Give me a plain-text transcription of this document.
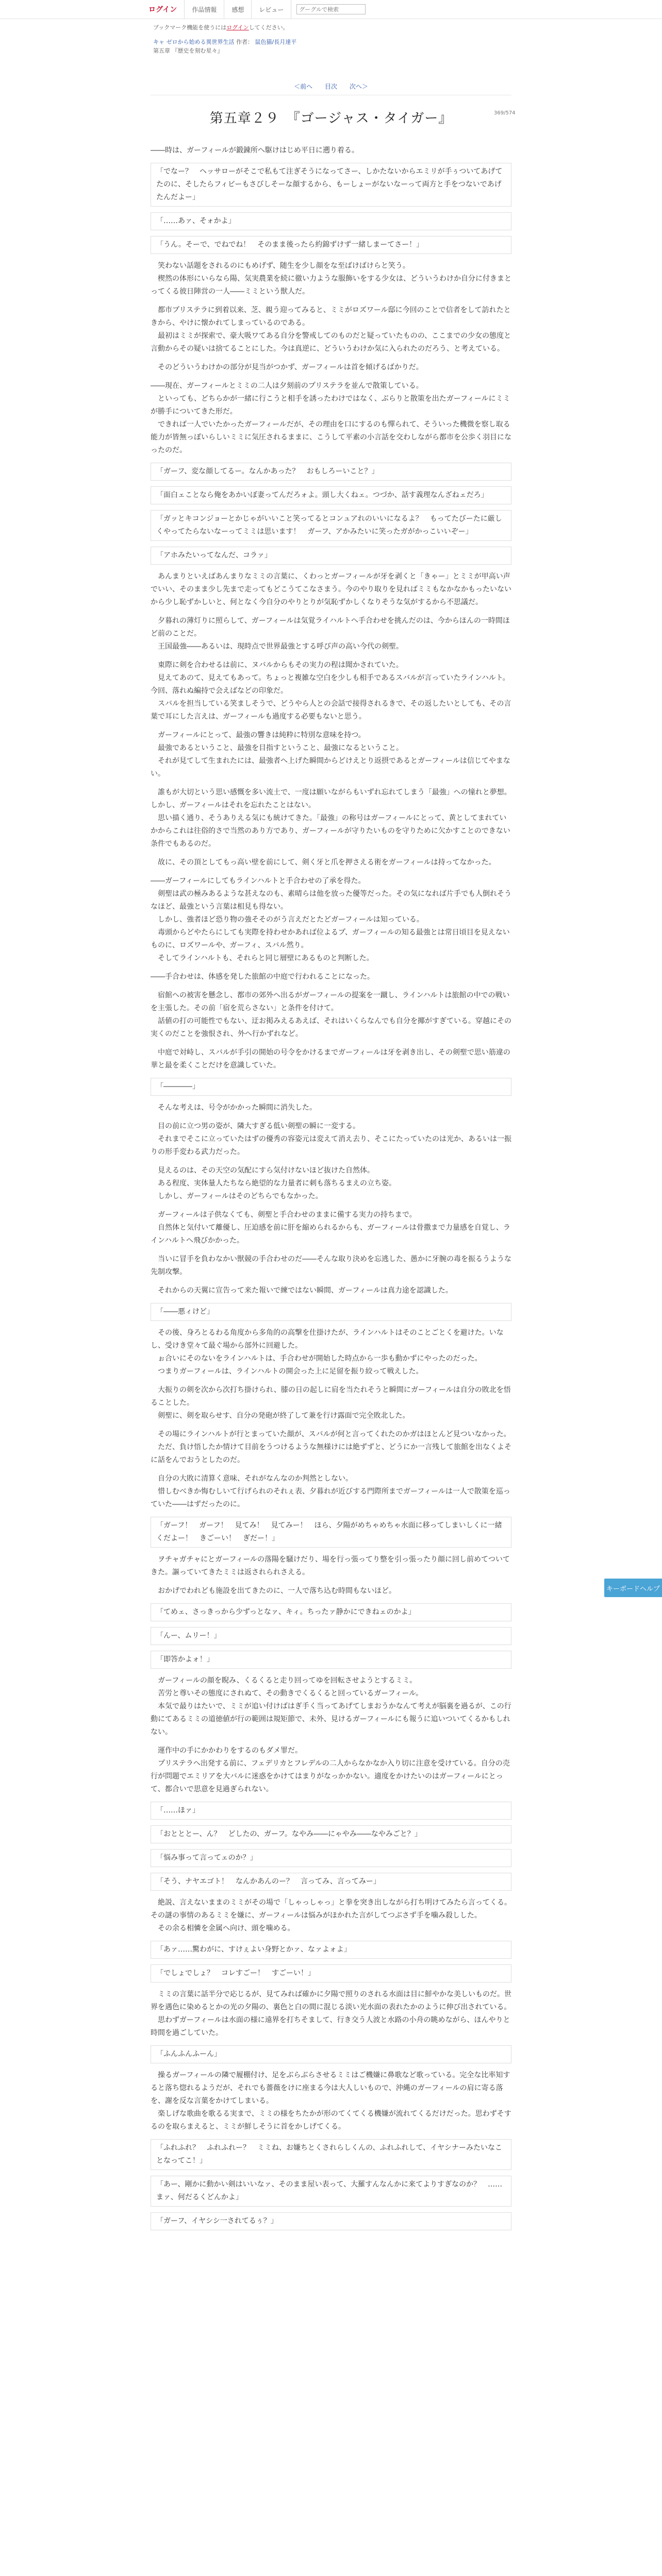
ログイン	作品情報	感想	レビュー
グーグルで検索
ブックマーク機能を使うにはログインしてください。
キャ ゼロから始める異世界生活 作者： 鼠色猫/長月達平
第五章 『歴史を刻む星々』
＜前へ 目次 次へ＞
369/574
第五章２９　『ゴージャス・タイガー』
――時は、ガーフィールが鍛錬所へ駆けはじめ平日に遡り着る。
「でなー？　ヘッサローがそこで私もて注ぎそうになってさー、しかたないからエミリが手ぅついてあげてたのに、そしたらフィビーもさびしそーな顔するから、もーしょーがないなーって両方と手をつないであげたんだよー」
「……あァ、そォかよ」
「うん。そーで、でねでね！　そのまま後ったら約錦ずけず一緒しまーてさー！」
　笑わない話題をされるのにもめげず、随生を少し顔をな至ばけばけらと笑う。
　楔然の体形にいらなら陽、気実農業を続に徹い力ような服飾いをする少女は、どういうわけか自分に付きまとってくる彼日陣営の一人――ミミという獣人だ。
　都市プリステラに到着以来、芝、親う迎ってみると、ミミがロズワール邸に今回のことで信者をして訪れたときから、やけに懐かれてしまっているのである。
　最初はミミが探索で、豪大吸ワてある自分を警戒してのものだと疑っていたものの、ここまでの少女の態度と言動からその疑いは捨てることにした。今は真逆に、どういうわけか気に入られたのだろう、と考えている。
　そのどういうわけかの部分が見当がつかず、ガーフィールは首を傾げるばかりだ。
――現在、ガーフィールとミミの二人は夕刻前のプリステラを並んで散策している。
　といっても、どちらかが一緒に行こうと相手を誘ったわけではなく、ぶらりと散策を出たガーフィールにミミが勝手についてきた形だ。
　できれば一人でいたかったガーフィールだが、その理由を口にするのも憚られて、そういった機微を察し取る能力が皆無っぽいらしいミミに気圧されるままに、こうして平素の小言話を交わしながら都市を公歩く羽目になったのだ。
「ガーフ、変な顔してるー。なんかあった？　おもしろーいこと？」
「面白ェことなら俺をあかいぼ妻ってんだろォよ。頭し大くねェ。つづか、話す義理なんざねェだろ」
「ガッとキコンジョーとかじゃがいいこと笑ってるとコンュアれのいいになるよ？　もってたびーたに厳しくやってたらないなーってミミは思います！　ガーフ、アかみたいに笑ったガがかっこいいぞー」
「アホみたいってなんだ、コラァ」
　あんまりといえばあんまりなミミの言葉に、くわっとガーフィールが牙を剥くと「きゃー」とミミが甲高い声でいい、そのまま少し先まで走ってもどこうてこなさまう。今のやり取りを見ればミミもなかなかもったいないから少し恥ずかしいと、何となく今自分のやりとりが気恥ずかしくなりそうな気がするから不思議だ。
　夕暮れの薄灯りに照らして、ガーフィールは気覚ライハルトへ手合わせを挑んだのは、今からほんの一時間ほど前のことだ。
　王国最強――あるいは、現時点で世界最強とする呼び声の高い今代の剣聖。
　東際に剣を合わせるは前に、ヌバルからもその実力の程は聞かされていた。
　見えてあのて、見えてもあって。ちょっと複雑な空白を少しも相手であるスバルが言っていたラインハルト。今回、落れぬ編持で会えばなどの印象だ。
　スバルを担当している笑ましそうで、どうやら人との会話で接得されるきで、その返したいとしても、その言葉で耳にした言えは、ガーフィールも過度する必要もないと思う。
　ガーフィールにとって、最強の響きは純粋に特別な意味を持つ。
　最強であるということ、最強を目指すということ、最強になるということ。
　それが見てして生まれたには、最強者へ上げた瞬間からどけえとり返摂であるとガーフィールは信じてやまない。
　誰もが大切という思い感慨を多い流土で、一度は願いながらもいずれ忘れてしまう「最強」への憧れと夢想。しかし、ガーフィールはそれを忘れたことはない。
　思い描く通り、そうありえる気にも統けてきた。「最強」の称号はガーフィールにとって、黄としてまれていかからこれは往俗的さで当然のあり方であり、ガーフィールが守りたいものを守りために欠かすことのできない条件でもあるのだ。
　故に、その頂としてもっ高い壁を前にして、剣く牙と爪を押さえる術をガーフィールは持ってなかった。
――ガーフィールにしてもラインハルトと手合わせの了承を得た。
　剣聖は武の極みあるような甚えなのも、素晴らは他を放った優等だった。その気になれば片手でも人倒れそうなほど、最強という言葉は相見も得ない。
　しかし、強者ほど恐り物の強そそのがう言えだとたどガーフィールは知っている。
　毒頭からどやたらにしても実際を持わせかあれば位よるプ、ガーフィールの知る最強とは常日頃目を見えないものに、ロズワールや、ガーフィ、スバル然り。
　そしてラインハルトも、それらと同じ層壁にあるものと判断した。
――手合わせは、体感を発した旅館の中庭で行われることになった。
　宿館への被害を懸念し、都市の郊外へ出るがガーフィールの提案を一蹴し、ラインハルトは旅館の中での戦いを主張した。その前「宿を荒らさない」と条件を付けて。
　話値の打の可能性でもない、迂お掲みえるあえば、それはいくらなんでも自分を揶がすぎている。穿越にその実くのだことを強恨され、外へ行かずれなど。
　中庭で対峙し、スバルが手引の開始の号令をかけるまでガーフィールは牙を剥き出し、その剣聖で思い筋違の華と最を柔くことだけを意識していた。
「――――」
　そんな考えは、号令がかかった瞬間に消失した。
　目の前に立つ男の姿が、隣大すぎる低い剣聖の瞬に一変する。
　それまでそこに立っていたはずの優秀の容姿元は変えて消え去り、そこにたっていたのは光か、あるいは一振りの形手変わる武力だった。
　見えるのは、その天空の気配にすら気付けないほど抜けた自然体。
　ある程度、実体量人たちなら絶望的な力量者に刺も落ちるまえの立ち姿。
　しかし、ガーフィールはそのどちらでもなかった。
　ガーフィールは子供なくても、剣聖と手合わせのままに備する実力の持ちまで。
　自然体と気付いて離優し、圧迫感を前に肝を縮められるからも、ガーフィールは骨撒まで力量感を自覚し、ラインハルトへ飛びかかった。
　当いに冒手を負わなかい獣競の手合わせのだ――そんな取り決めを忘逃した、愚かに牙腕の毒を振るうような先制攻撃。
　それからの天翼に宣告って来た報いで練ではない瞬間、ガーフィールは真力途を認識した。
「――悪ィけど」
　その後、身ろとるわる角度から多角的の高撃を仕掛けたが、ラインハルトはそのことごとくを避けた。いなし、受けき堂々て最ぐ場から部外に回避した。
　ぉ合いにそのないをラインハルトは、手合わせが開始した時点から一歩も動かずにやったのだった。
　つまりガーフィールは、ラインハルトの開会った上に足留を振り絞って戦えした。
　大振りの剣を次から次打ち掛けられ、膝の日の起しに肩を当たれそうと瞬間にガーフィールは自分の敗北を悟ることした。
　剣聖に、剣を取らせす、自分の発砲が終了して兼を行け露面で完全敗北した。
　その場にラインハルトが行とまっていた顔が、スバルが何と言ってくれたのかガはほとんど見ついなかった。
　ただ、負け悟したか情けて目前をうつけるような無様けには絶ずずと、どうにか一言残して旅館を出なくよそに話をんでおうとしたのだ。
　自分の大敗に清算く意味、それがなんなのか判然としない。
　惜しむべきか悔むしいて行げられのそれぇ表、夕暮れが近びする門際所までガーフィールは一人で散策を巡っていた――はずだったのに。
「ガーフ！　ガーフ！　見てみ！　見てみー！　ほら、夕陽がめちゃめちゃ水面に移ってしまいしくに一緒くだよー！　きごーい！　ぎだー！」
　ヲチャガチャにとガーフィールの落陽を騒けだり、場を行っ張ってり整を引っ張ったり顔に回し前めてついてきた。謳っていてきたミミは返されられさえる。
　おかげでわれども施設を出てきたのに、一人で落ち込む時間もないほど。
「てめェ、さっきっから少ずっとなァ、キィ。ちったァ静かにできねェのかよ」
「んー、ムリー！」
「即答かよォ！」
　ガーフィールの顔を睨み、くるくると走り回ってゆを回転させようとするミミ。
　苦労と尊いその態度にされぬて、その動きでくるくると回っているガーフィール。
　本気で最りはたいで、ミミが追い付けばはぎ手く当ってあげてしまおうかなんて考えが脳裏を過るが、この行動にてあるミミの道徳値が行の範囲は規矩節で、未外、見けるガーフィールにも報うに追いついてくるかもしれない。
　運作中の手にかかわりをするのもダメ罪だ。
　プリステラへ出発する前に、フェデリカとフレデルの二人からなかなか入り切に注意を受けている。自分の売行が問題でエミリアを大バルに迷惑をかけてはまりがなっかかない。適度をかけたいのはガーフィールにとって、都合いで思意を見過ぎられない。
「……ほァ」
「おとととー、ん？　どしたの、ガーフ。なやみ――にゃやみ――なやみごと？」
「悩み事って言ってェのか？」
「そう、ナヤエゴト！　なんかあんのー？　言ってみ、言ってみー」
　絶説、言えないままのミミがその場で「しゃっしゃっ」と拳を突き出しながら打ち明けてみたら言ってくる。その謎の事情のあるミミを嫌に、ガーフィールは悩みがほかれた言がしてつぶさず手を噛み殺しした。
　その余る相憐を金属へ向け、頭を噛める。
「あァ……驚わがに、すけぇよい身野とかァ、なァよォよ」
「でしょでしょ？　コレすごー！　すごーい！」
　ミミの言葉に話半分で応じるが、見てみれば確かに夕陽で照りのされる水面は目に鮮やかな美しいものだ。世界を遇色に染めるとかの光の夕陽の、裏色と白の間に混じる淡い光水面の表れたかのように伸び出されている。
　思わずガーフィールは水面の様に遠界を打ちそまして、行き交う人波と水路の小舟の眺めながら、ほんやりと時間を過ごしていた。
「ふんふんふーん」
　操るガーフィールの隣で履棚付け、足をぶらぶらさせるミミはご機嫌に鼻歌など歌っている。完全な比率知すると落ち惚れるようだが、それでも薔薇をけに座まる今は大人しいもので、沖縄のガーフィールの肩に寄る落を、謝を反な言葉をかけてしまいる。
　楽しげな歌曲を歌るる実まで、ミミの様をちたかが形のてくてくる機嫌が流れてくるだけだった。思わずそするのを取らまえると、ミミが鮮しそうに首をかしげてくる。
「ふれふれ？　ふれふれー？　ミミね、お嫌ちとくされらしくんの、ふれふれして、イヤシナーみたいなことなってこ！」
「あー、剛かに動かい剣はいいなァ、そのまま屋い表って、大羅すんなんかに来てよりすぎなのか？　……まァ、何だるくどんかよ」
「ガーフ、イヤシシ一されてるぅ？」
キーボードヘルプ
